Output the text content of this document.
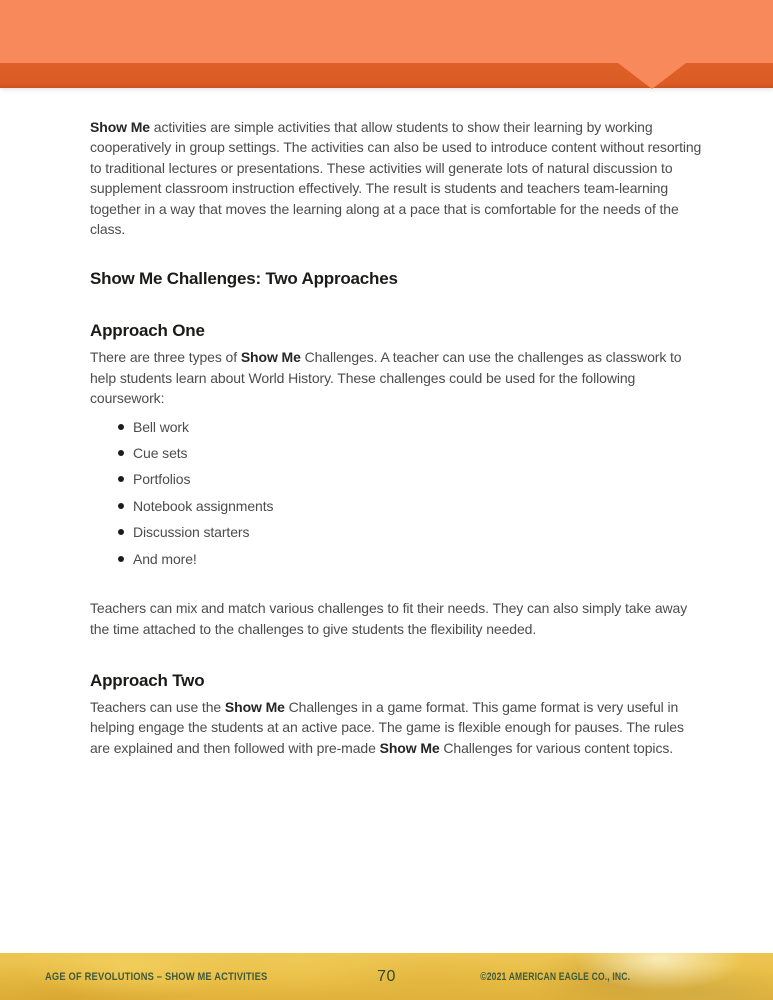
Show Me activities are simple activities that allow students to show their learning by working cooperatively in group settings. The activities can also be used to introduce content without resorting to traditional lectures or presentations. These activities will generate lots of natural discussion to supplement classroom instruction effectively. The result is students and teachers team-learning together in a way that moves the learning along at a pace that is comfortable for the needs of the class.

Show Me Challenges: Two Approaches
Approach One

There are three types of Show Me Challenges. A teacher can use the challenges as classwork to help students learn about World History. These challenges could be used for the following coursework:

Bell work
Cue sets
Portfolios
Notebook assignments
Discussion starters
And more!

Teachers can mix and match various challenges to fit their needs. They can also simply take away the time attached to the challenges to give students the flexibility needed.

Approach Two

Teachers can use the Show Me Challenges in a game format. This game format is very useful in helping engage the students at an active pace. The game is flexible enough for pauses. The rules are explained and then followed with pre-made Show Me Challenges for various content topics.

AGE OF REVOLUTIONS – SHOW ME ACTIVITIES	70	©2021 AMERICAN EAGLE CO., INC.
